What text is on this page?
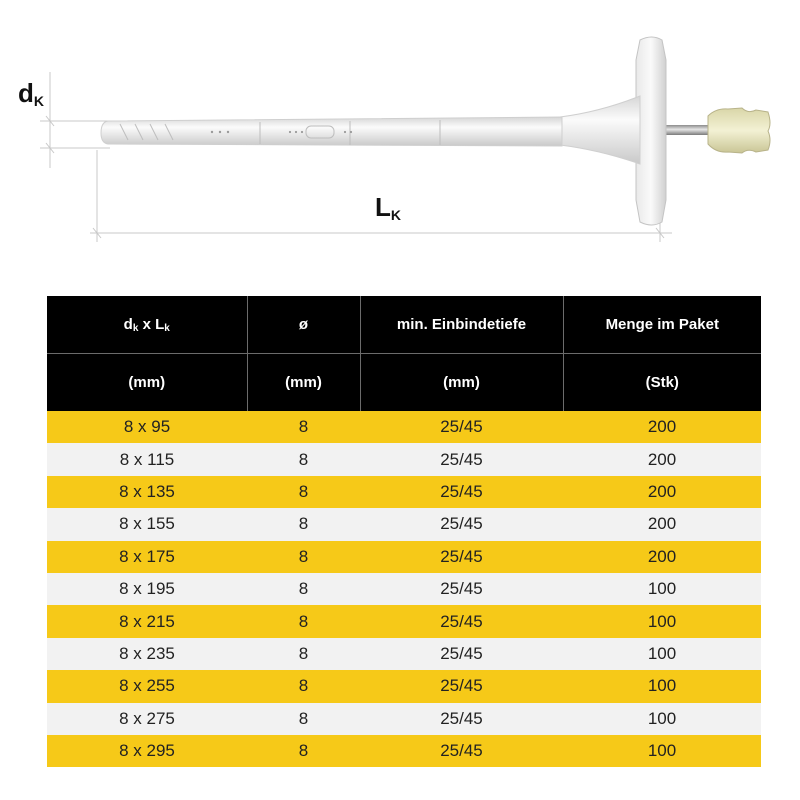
$d_K$
$L_K$
$d_k$ x $L_k$	ø	min. Einbindetiefe	Menge im Paket
(mm)	(mm)	(mm)	(Stk)
8 x 95	8	25/45	200
8 x 115	8	25/45	200
8 x 135	8	25/45	200
8 x 155	8	25/45	200
8 x 175	8	25/45	200
8 x 195	8	25/45	100
8 x 215	8	25/45	100
8 x 235	8	25/45	100
8 x 255	8	25/45	100
8 x 275	8	25/45	100
8 x 295	8	25/45	100
